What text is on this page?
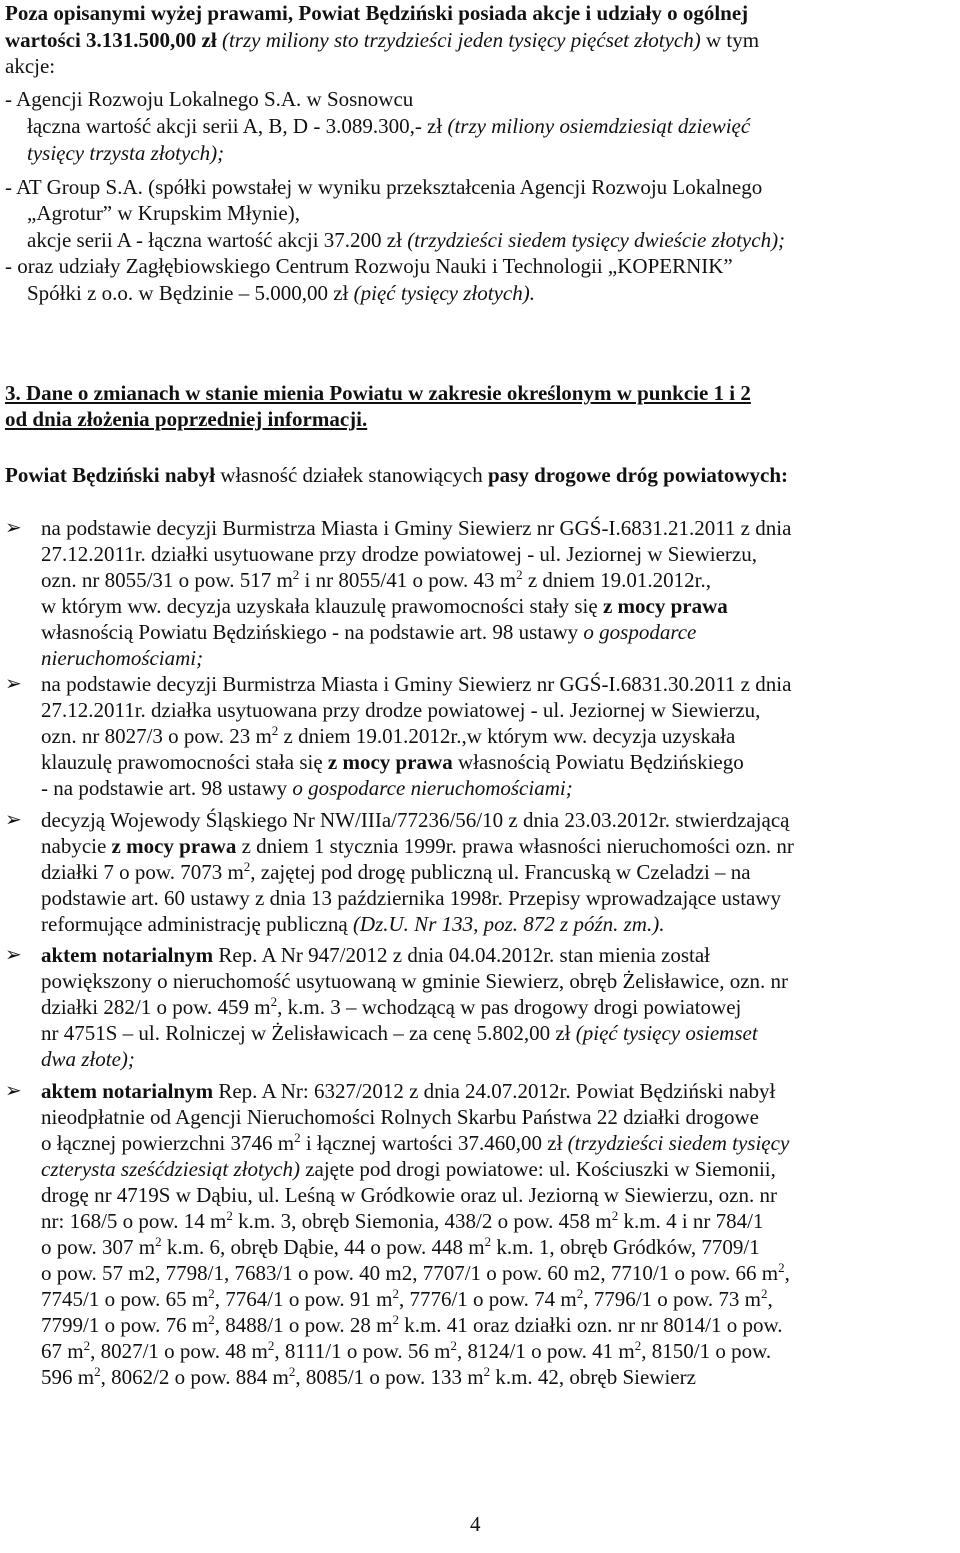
Poza opisanymi wyżej prawami, Powiat Będziński posiada akcje i udziały o ogólnej
wartości 3.131.500,00 zł (trzy miliony sto trzydzieści jeden tysięcy pięćset złotych) w tym
akcje:
- Agencji Rozwoju Lokalnego S.A. w Sosnowcu
łączna wartość akcji serii A, B, D - 3.089.300,- zł (trzy miliony osiemdziesiąt dziewięć
tysięcy trzysta złotych);
- AT Group S.A. (spółki powstałej w wyniku przekształcenia Agencji Rozwoju Lokalnego
„Agrotur” w Krupskim Młynie),
akcje serii A - łączna wartość akcji 37.200 zł (trzydzieści siedem tysięcy dwieście złotych);
- oraz udziały Zagłębiowskiego Centrum Rozwoju Nauki i Technologii „KOPERNIK”
Spółki z o.o. w Będzinie – 5.000,00 zł (pięć tysięcy złotych).
3. Dane o zmianach w stanie mienia Powiatu w zakresie określonym w punkcie 1 i 2
od dnia złożenia poprzedniej informacji.
Powiat Będziński nabył własność działek stanowiących pasy drogowe dróg powiatowych:
➢ na podstawie decyzji Burmistrza Miasta i Gminy Siewierz nr GGŚ-I.6831.21.2011 z dnia
27.12.2011r. działki usytuowane przy drodze powiatowej - ul. Jeziornej w Siewierzu,
ozn. nr 8055/31 o pow. 517 $m^2$ i nr 8055/41 o pow. 43 $m^2$ z dniem 19.01.2012r.,
w którym ww. decyzja uzyskała klauzulę prawomocności stały się z mocy prawa
własnością Powiatu Będzińskiego - na podstawie art. 98 ustawy o gospodarce
nieruchomościami;
➢ na podstawie decyzji Burmistrza Miasta i Gminy Siewierz nr GGŚ-I.6831.30.2011 z dnia
27.12.2011r. działka usytuowana przy drodze powiatowej - ul. Jeziornej w Siewierzu,
ozn. nr 8027/3 o pow. 23 $m^2$ z dniem 19.01.2012r.,w którym ww. decyzja uzyskała
klauzulę prawomocności stała się z mocy prawa własnością Powiatu Będzińskiego
- na podstawie art. 98 ustawy o gospodarce nieruchomościami;
➢ decyzją Wojewody Śląskiego Nr NW/IIIa/77236/56/10 z dnia 23.03.2012r. stwierdzającą
nabycie z mocy prawa z dniem 1 stycznia 1999r. prawa własności nieruchomości ozn. nr
działki 7 o pow. 7073 $m^2$, zajętej pod drogę publiczną ul. Francuską w Czeladzi – na
podstawie art. 60 ustawy z dnia 13 października 1998r. Przepisy wprowadzające ustawy
reformujące administrację publiczną (Dz.U. Nr 133, poz. 872 z późn. zm.).
➢ aktem notarialnym Rep. A Nr 947/2012 z dnia 04.04.2012r. stan mienia został
powiększony o nieruchomość usytuowaną w gminie Siewierz, obręb Żelisławice, ozn. nr
działki 282/1 o pow. 459 $m^2$, k.m. 3 – wchodzącą w pas drogowy drogi powiatowej
nr 4751S – ul. Rolniczej w Żelisławicach – za cenę 5.802,00 zł (pięć tysięcy osiemset
dwa złote);
➢ aktem notarialnym Rep. A Nr: 6327/2012 z dnia 24.07.2012r. Powiat Będziński nabył
nieodpłatnie od Agencji Nieruchomości Rolnych Skarbu Państwa 22 działki drogowe
o łącznej powierzchni 3746 $m^2$ i łącznej wartości 37.460,00 zł (trzydzieści siedem tysięcy
czterysta sześćdziesiąt złotych) zajęte pod drogi powiatowe: ul. Kościuszki w Siemonii,
drogę nr 4719S w Dąbiu, ul. Leśną w Gródkowie oraz ul. Jeziorną w Siewierzu, ozn. nr
nr: 168/5 o pow. 14 $m^2$ k.m. 3, obręb Siemonia, 438/2 o pow. 458 $m^2$ k.m. 4 i nr 784/1
o pow. 307 $m^2$ k.m. 6, obręb Dąbie, 44 o pow. 448 $m^2$ k.m. 1, obręb Gródków, 7709/1
o pow. 57 m2, 7798/1, 7683/1 o pow. 40 m2, 7707/1 o pow. 60 m2, 7710/1 o pow. 66 $m^2$,
7745/1 o pow. 65 $m^2$, 7764/1 o pow. 91 $m^2$, 7776/1 o pow. 74 $m^2$, 7796/1 o pow. 73 $m^2$,
7799/1 o pow. 76 $m^2$, 8488/1 o pow. 28 $m^2$ k.m. 41 oraz działki ozn. nr nr 8014/1 o pow.
67 $m^2$, 8027/1 o pow. 48 $m^2$, 8111/1 o pow. 56 $m^2$, 8124/1 o pow. 41 $m^2$, 8150/1 o pow.
596 $m^2$, 8062/2 o pow. 884 $m^2$, 8085/1 o pow. 133 $m^2$ k.m. 42, obręb Siewierz
4
